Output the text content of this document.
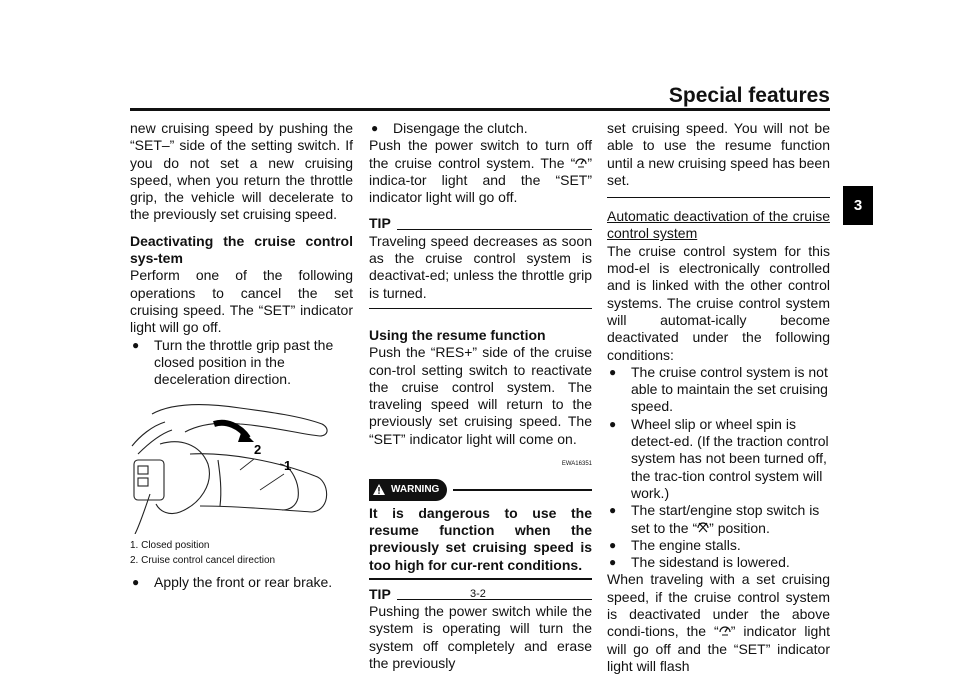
Special features
3

new cruising speed by pushing the “SET–” side of the setting switch. If you do not set a new cruising speed, when you return the throttle grip, the vehicle will decelerate to the previously set cruising speed.

Deactivating the cruise control sys-tem

Perform one of the following operations to cancel the set cruising speed. The “SET” indicator light will go off.

●	Turn the throttle grip past the closed position in the deceleration direction.
2
1
1. Closed position
2. Cruise control cancel direction
●	Apply the front or rear brake.
●	Disengage the clutch.

Push the power switch to turn off the cruise control system. The “ ” indica-tor light and the “SET” indicator light will go off.

TIP

Traveling speed decreases as soon as the cruise control system is deactivat-ed; unless the throttle grip is turned.

Using the resume function

Push the “RES+” side of the cruise con-trol setting switch to reactivate the cruise control system. The traveling speed will return to the previously set cruising speed. The “SET” indicator light will come on.

EWA16351
WARNING

It is dangerous to use the resume function when the previously set cruising speed is too high for cur-rent conditions.

TIP

Pushing the power switch while the system is operating will turn the system off completely and erase the previously

set cruising speed. You will not be able to use the resume function until a new cruising speed has been set.

Automatic deactivation of the cruise control system

The cruise control system for this mod-el is electronically controlled and is linked with the other control systems. The cruise control system will automat-ically become deactivated under the following conditions:

●	The cruise control system is not able to maintain the set cruising speed.
●	Wheel slip or wheel spin is detect-ed. (If the traction control system has not been turned off, the trac-tion control system will work.)
●	The start/engine stop switch is set to the “ ” position.
●	The engine stalls.
●	The sidestand is lowered.

When traveling with a set cruising speed, if the cruise control system is deactivated under the above condi-tions, the “ ” indicator light will go off and the “SET” indicator light will flash

3-2
